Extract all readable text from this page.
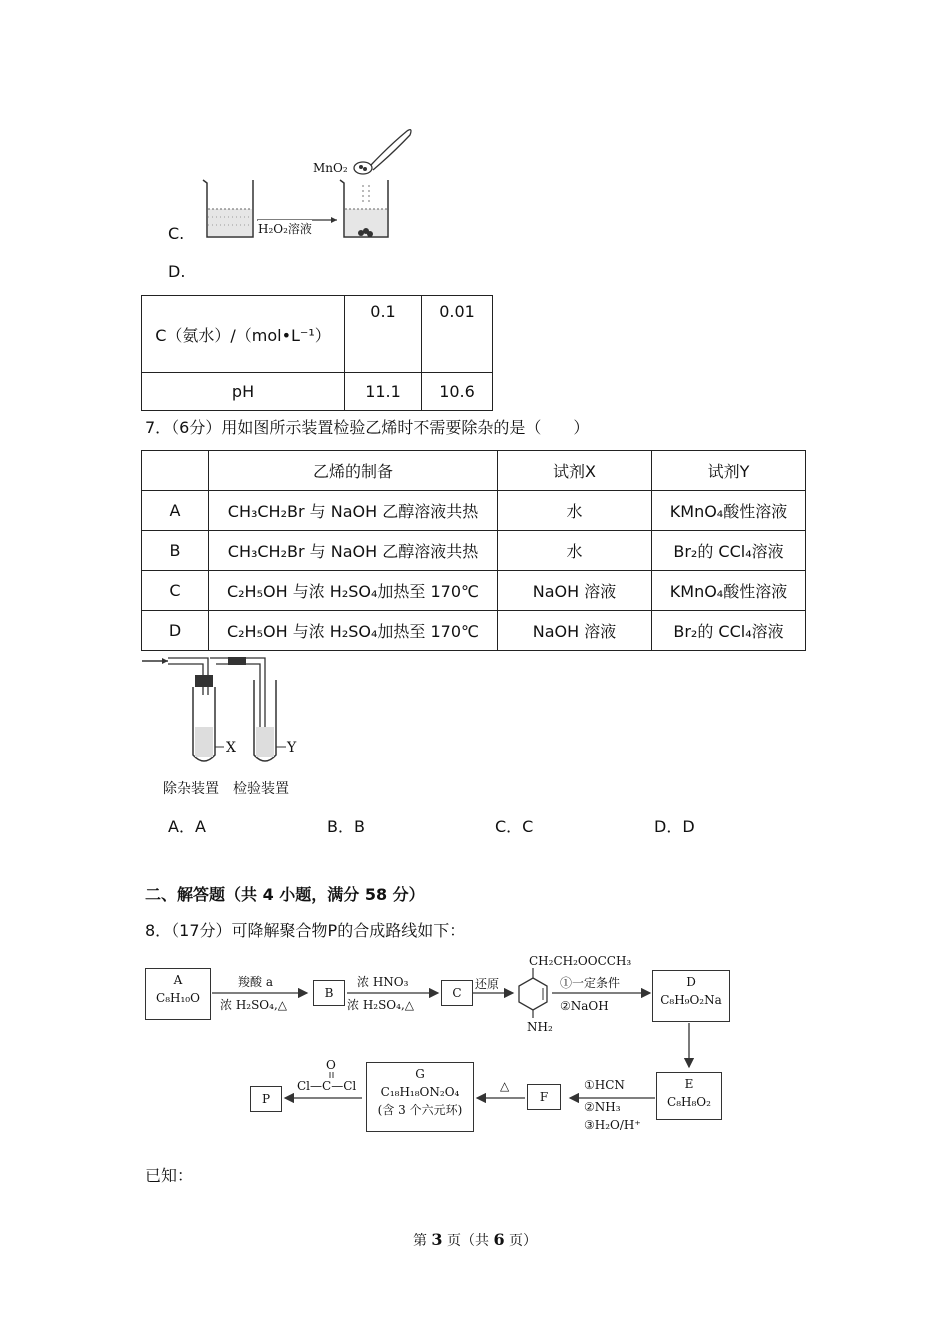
C.
MnO₂
H₂O₂溶液
D.
C（氨水）/（mol•L⁻¹）	0.1	0.01
pH	11.1	10.6
7．（6分）用如图所示装置检验乙烯时不需要除杂的是（　　）
	乙烯的制备	试剂X	试剂Y
A	CH₃CH₂Br 与 NaOH 乙醇溶液共热	水	KMnO₄酸性溶液
B	CH₃CH₂Br 与 NaOH 乙醇溶液共热	水	Br₂的 CCl₄溶液
C	C₂H₅OH 与浓 H₂SO₄加热至 170℃	NaOH 溶液	KMnO₄酸性溶液
D	C₂H₅OH 与浓 H₂SO₄加热至 170℃	NaOH 溶液	Br₂的 CCl₄溶液
X	Y
除杂装置 检验装置
A．A	B．B	C．C	D．D
二、解答题（共 4 小题，满分 58 分）
8．（17分）可降解聚合物P的合成路线如下：
A
C₈H₁₀O	B	C
D
C₈H₉O₂Na
E
C₈H₈O₂
F
G
C₁₈H₁₈ON₂O₄
(含 3 个六元环)
P
羧酸 a
浓 H₂SO₄,△
浓 HNO₃
浓 H₂SO₄,△
还原
CH₂CH₂OOCCH₃
NH₂
①一定条件
②NaOH
①HCN
②NH₃
③H₂O/H⁺
△
O
Cl—C—Cl
已知：
第 3 页（共 6 页）
